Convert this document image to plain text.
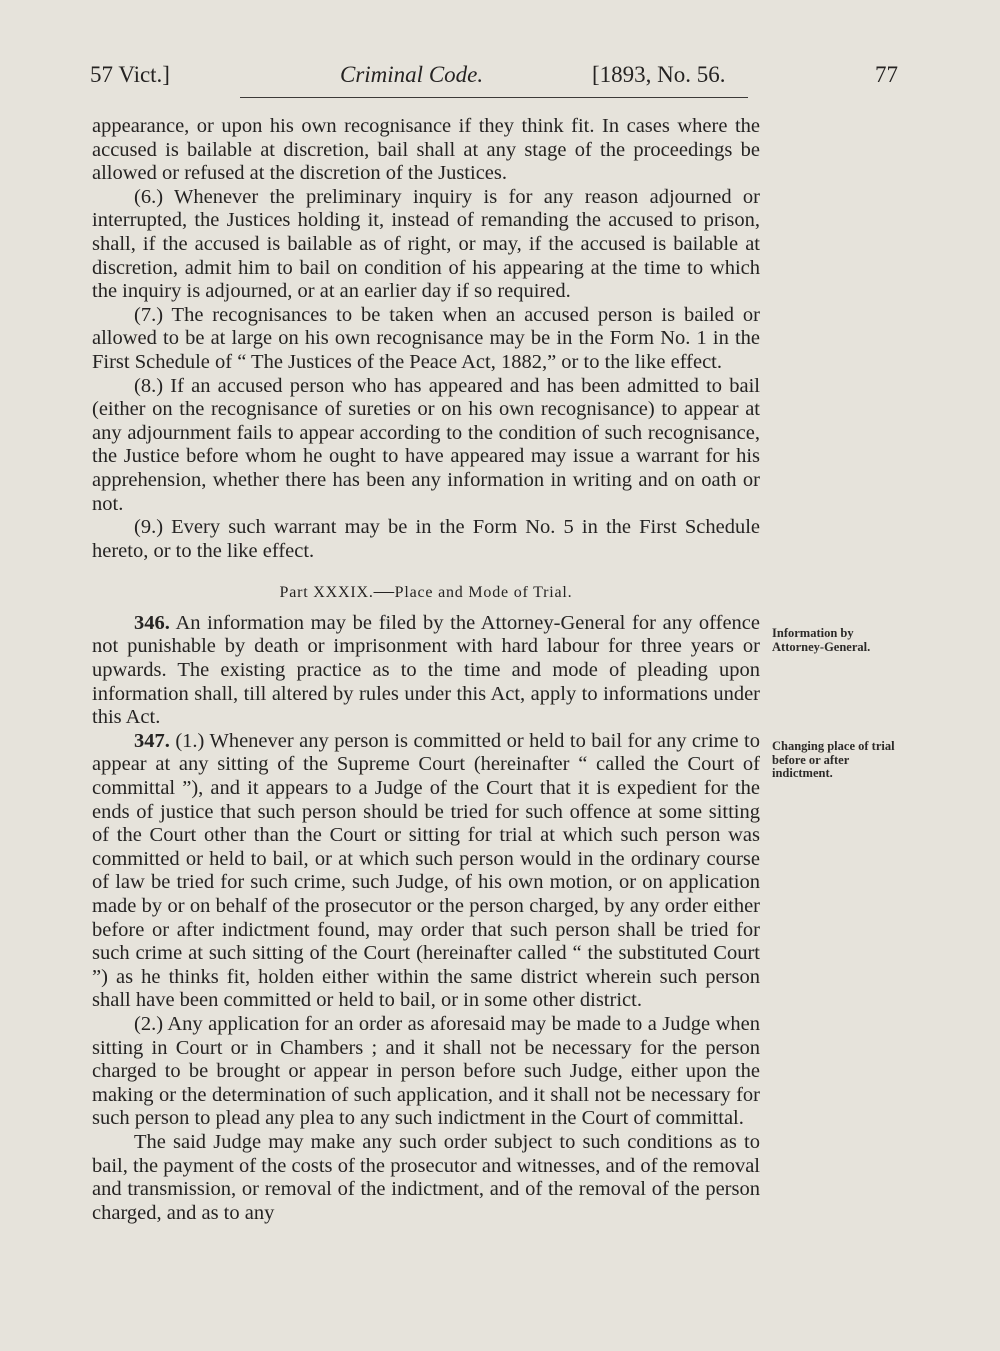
57 Vict.]	Criminal Code.	[1893, No. 56.	77

appearance, or upon his own recognisance if they think fit. In cases where the accused is bailable at discretion, bail shall at any stage of the proceedings be allowed or refused at the discretion of the Justices.

(6.) Whenever the preliminary inquiry is for any reason adjourned or interrupted, the Justices holding it, instead of remanding the accused to prison, shall, if the accused is bailable as of right, or may, if the accused is bailable at discretion, admit him to bail on condition of his appearing at the time to which the inquiry is adjourned, or at an earlier day if so required.

(7.) The recognisances to be taken when an accused person is bailed or allowed to be at large on his own recognisance may be in the Form No. 1 in the First Schedule of “ The Justices of the Peace Act, 1882,” or to the like effect.

(8.) If an accused person who has appeared and has been admitted to bail (either on the recognisance of sureties or on his own recognisance) to appear at any adjournment fails to appear according to the condition of such recognisance, the Justice before whom he ought to have appeared may issue a warrant for his apprehension, whether there has been any information in writing and on oath or not.

(9.) Every such warrant may be in the Form No. 5 in the First Schedule hereto, or to the like effect.

Part XXXIX.—Place and Mode of Trial.

346. An information may be filed by the Attorney-General for any offence not punishable by death or imprisonment with hard labour for three years or upwards. The existing practice as to the time and mode of pleading upon information shall, till altered by rules under this Act, apply to informations under this Act.

347. (1.) Whenever any person is committed or held to bail for any crime to appear at any sitting of the Supreme Court (hereinafter “ called the Court of committal ”), and it appears to a Judge of the Court that it is expedient for the ends of justice that such person should be tried for such offence at some sitting of the Court other than the Court or sitting for trial at which such person was committed or held to bail, or at which such person would in the ordinary course of law be tried for such crime, such Judge, of his own motion, or on application made by or on behalf of the prosecutor or the person charged, by any order either before or after indictment found, may order that such person shall be tried for such crime at such sitting of the Court (hereinafter called “ the substituted Court ”) as he thinks fit, holden either within the same district wherein such person shall have been committed or held to bail, or in some other district.

(2.) Any application for an order as aforesaid may be made to a Judge when sitting in Court or in Chambers ; and it shall not be necessary for the person charged to be brought or appear in person before such Judge, either upon the making or the determination of such application, and it shall not be necessary for such person to plead any plea to any such indictment in the Court of committal.

The said Judge may make any such order subject to such conditions as to bail, the payment of the costs of the prosecutor and witnesses, and of the removal and transmission, or removal of the indictment, and of the removal of the person charged, and as to any

Information by Attorney-General.
Changing place of trial before or after indictment.
